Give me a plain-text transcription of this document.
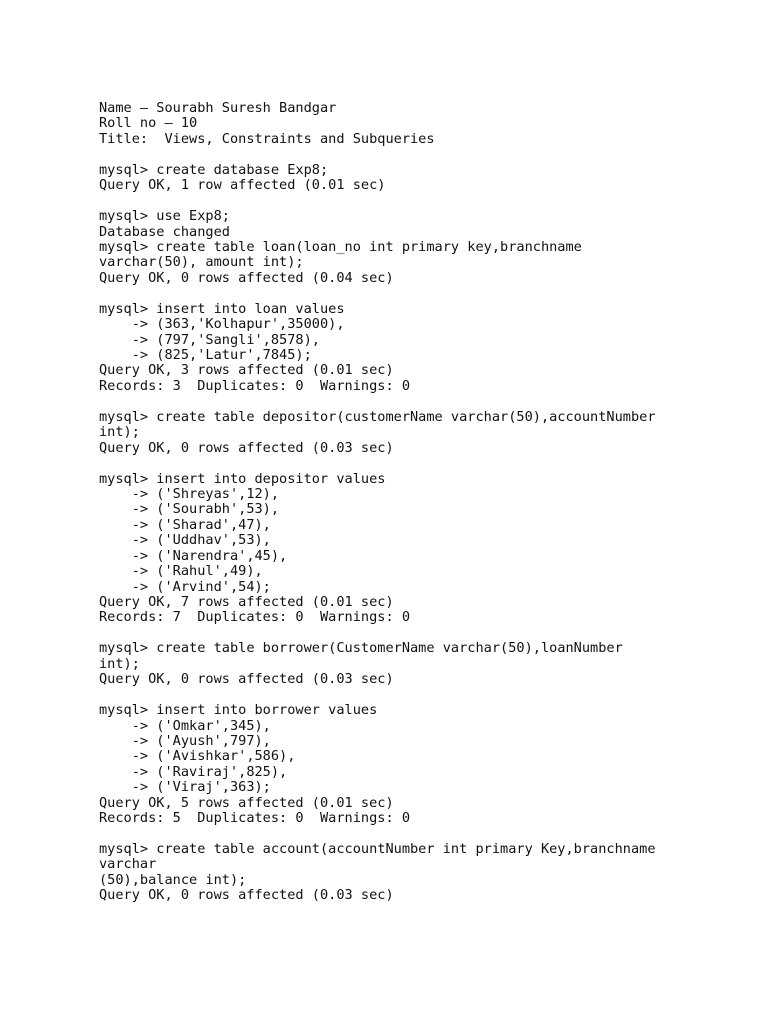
Name – Sourabh Suresh Bandgar
Roll no – 10
Title:  Views, Constraints and Subqueries
mysql> create database Exp8;
Query OK, 1 row affected (0.01 sec)
mysql> use Exp8;
Database changed
mysql> create table loan(loan_no int primary key,branchname
varchar(50), amount int);
Query OK, 0 rows affected (0.04 sec)
mysql> insert into loan values
-> (363,'Kolhapur',35000),
-> (797,'Sangli',8578),
-> (825,'Latur',7845);
Query OK, 3 rows affected (0.01 sec)
Records: 3  Duplicates: 0  Warnings: 0
mysql> create table depositor(customerName varchar(50),accountNumber
int);
Query OK, 0 rows affected (0.03 sec)
mysql> insert into depositor values
-> ('Shreyas',12),
-> ('Sourabh',53),
-> ('Sharad',47),
-> ('Uddhav',53),
-> ('Narendra',45),
-> ('Rahul',49),
-> ('Arvind',54);
Query OK, 7 rows affected (0.01 sec)
Records: 7  Duplicates: 0  Warnings: 0
mysql> create table borrower(CustomerName varchar(50),loanNumber
int);
Query OK, 0 rows affected (0.03 sec)
mysql> insert into borrower values
-> ('Omkar',345),
-> ('Ayush',797),
-> ('Avishkar',586),
-> ('Raviraj',825),
-> ('Viraj',363);
Query OK, 5 rows affected (0.01 sec)
Records: 5  Duplicates: 0  Warnings: 0
mysql> create table account(accountNumber int primary Key,branchname
varchar
(50),balance int);
Query OK, 0 rows affected (0.03 sec)
